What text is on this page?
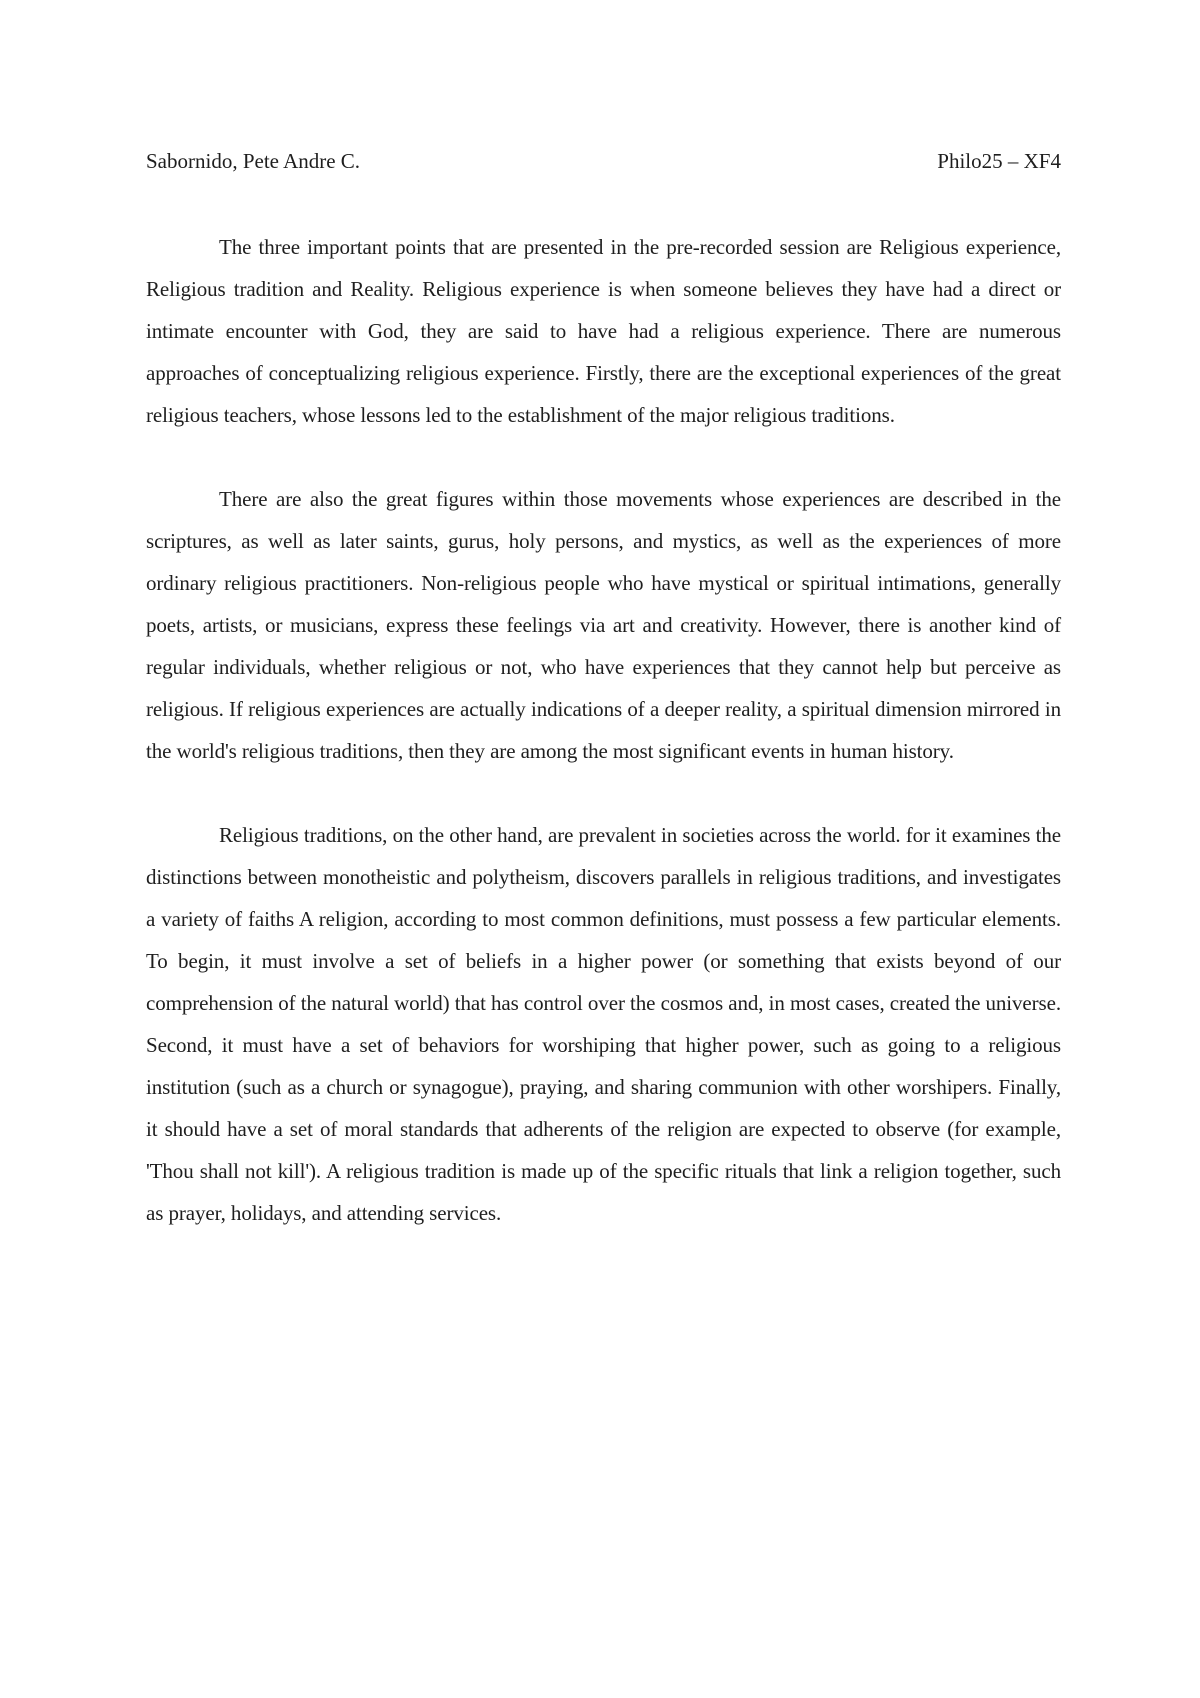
Sabornido, Pete Andre C.	Philo25 – XF4

The three important points that are presented in the pre-recorded session are Religious experience, Religious tradition and Reality. Religious experience is when someone believes they have had a direct or intimate encounter with God, they are said to have had a religious experience. There are numerous approaches of conceptualizing religious experience. Firstly, there are the exceptional experiences of the great religious teachers, whose lessons led to the establishment of the major religious traditions.

There are also the great figures within those movements whose experiences are described in the scriptures, as well as later saints, gurus, holy persons, and mystics, as well as the experiences of more ordinary religious practitioners. Non-religious people who have mystical or spiritual intimations, generally poets, artists, or musicians, express these feelings via art and creativity. However, there is another kind of regular individuals, whether religious or not, who have experiences that they cannot help but perceive as religious. If religious experiences are actually indications of a deeper reality, a spiritual dimension mirrored in the world's religious traditions, then they are among the most significant events in human history.

Religious traditions, on the other hand, are prevalent in societies across the world. for it examines the distinctions between monotheistic and polytheism, discovers parallels in religious traditions, and investigates a variety of faiths A religion, according to most common definitions, must possess a few particular elements. To begin, it must involve a set of beliefs in a higher power (or something that exists beyond of our comprehension of the natural world) that has control over the cosmos and, in most cases, created the universe. Second, it must have a set of behaviors for worshiping that higher power, such as going to a religious institution (such as a church or synagogue), praying, and sharing communion with other worshipers. Finally, it should have a set of moral standards that adherents of the religion are expected to observe (for example, 'Thou shall not kill'). A religious tradition is made up of the specific rituals that link a religion together, such as prayer, holidays, and attending services.
